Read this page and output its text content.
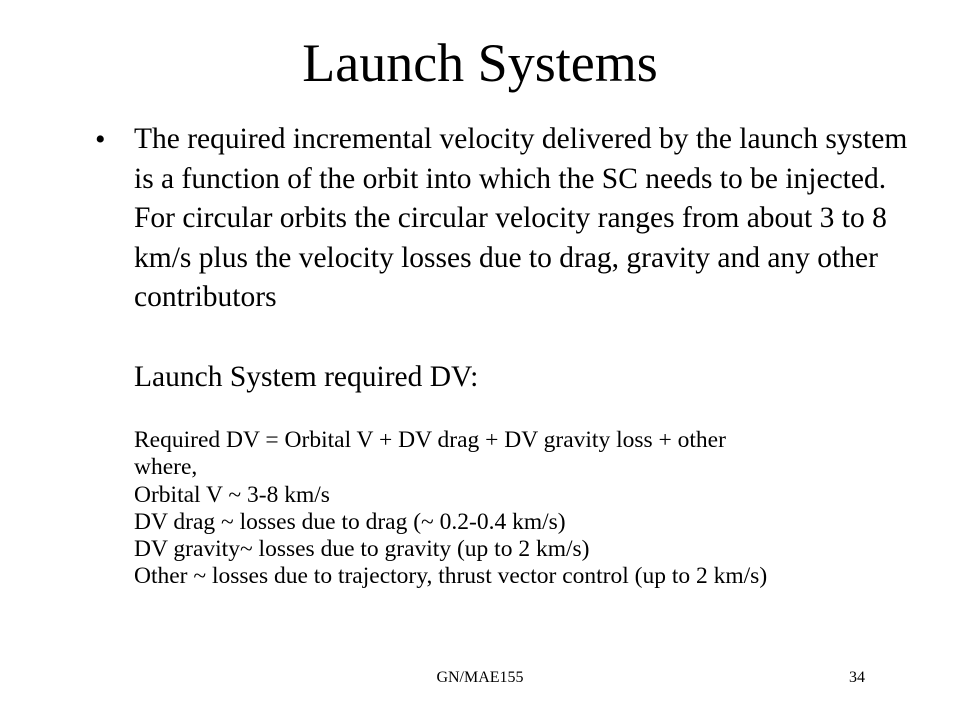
Launch Systems
• The required incremental velocity delivered by the launch system is a function of the orbit into which the SC needs to be injected. For circular orbits the circular velocity ranges from about 3 to 8 km/s plus the velocity losses due to drag, gravity and any other contributors
Launch System required DV:
Required DV = Orbital V + DV drag + DV gravity loss + other
where,
Orbital V ~ 3-8 km/s
DV drag ~ losses due to drag (~ 0.2-0.4 km/s)
DV gravity~ losses due to gravity (up to 2 km/s)
Other ~ losses due to trajectory, thrust vector control (up to 2 km/s)
GN/MAE155	34
